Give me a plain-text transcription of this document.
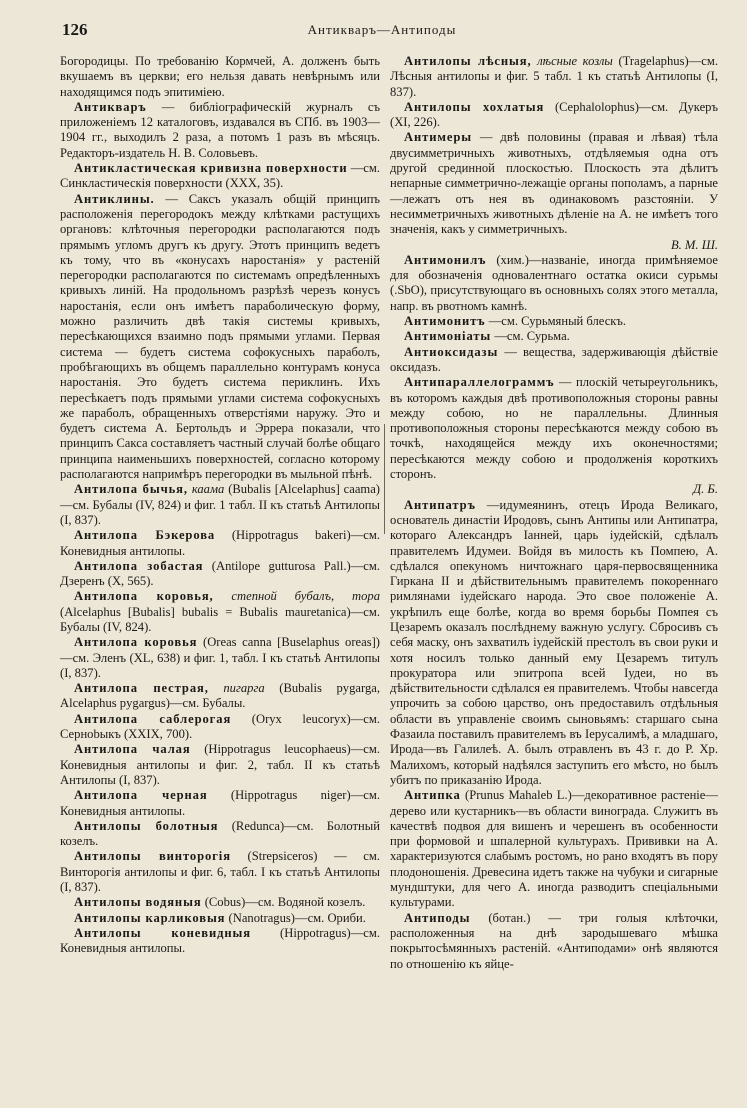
126	Антикваръ—Антиподы

Богородицы. По требованію Кормчей, А. долженъ быть вкушаемъ въ церкви; его нельзя давать невѣрнымъ или находящимся подъ эпитиміею.

Антикваръ — библіографическій журналъ съ приложеніемъ 12 каталоговъ, издавался въ СПб. въ 1903—1904 гг., выходилъ 2 раза, а потомъ 1 разъ въ мѣсяцъ. Редакторъ-издатель Н. В. Соловьевъ.

Антикластическая кривизна поверхности —см. Синкластическія поверхности (XXX, 35).

Антиклины. — Саксъ указалъ общій принципъ расположенія перегородокъ между клѣтками растущихъ органовъ: клѣточныя перегородки располагаются подъ прямымъ угломъ другъ къ другу. Этотъ принципъ ведетъ къ тому, что въ «конусахъ наростанія» у растеній перегородки располагаются по системамъ опредѣленныхъ кривыхъ линій. На продольномъ разрѣзѣ черезъ конусъ наростанія, если онъ имѣетъ параболическую форму, можно различить двѣ такія системы кривыхъ, пересѣкающихся взаимно подъ прямыми углами. Первая система — будетъ система софокусныхъ параболъ, пробѣгающихъ въ общемъ параллельно контурамъ конуса наростанія. Это будетъ система периклинъ. Ихъ пересѣкаетъ подъ прямыми углами система софокусныхъ же параболъ, обращенныхъ отверстіями наружу. Это и будетъ система А. Бертольдъ и Эррера показали, что принципъ Сакса составляетъ частный случай болѣе общаго принципа наименьшихъ поверхностей, согласно которому располагаются напримѣръ перегородки въ мыльной пѣнѣ.

Антилопа бычья, каама (Bubalis [Alcelaphus] caama)—см. Бубалы (IV, 824) и фиг. 1 табл. II къ статьѣ Антилопы (I, 837).

Антилопа Бэкерова (Hippotragus bakeri)—см. Коневидныя антилопы.

Антилопа зобастая (Antilope gutturosa Pall.)—см. Дзеренъ (X, 565).

Антилопа коровья, степной бубалъ, тора (Alcelaphus [Bubalis] bubalis = Bubalis mauretanica)—см. Бубалы (IV, 824).

Антилопа коровья (Oreas canna [Buselaphus oreas])—см. Эленъ (XL, 638) и фиг. 1, табл. I къ статьѣ Антилопы (I, 837).

Антилопа пестрая, пигарга (Bubalis pygarga, Alcelaphus pygargus)—см. Бубалы.

Антилопа саблерогая (Oryx leucoryx)—см. Серноbыкъ (XXIX, 700).

Антилопа чалая (Hippotragus leucophaeus)—см. Коневидныя антилопы и фиг. 2, табл. II къ статьѣ Антилопы (I, 837).

Антилопа черная (Hippotragus niger)—см. Коневидныя антилопы.

Антилопы болотныя (Redunca)—см. Болотный козелъ.

Антилопы винторогія (Strepsiceros) — см. Винторогія антилопы и фиг. 6, табл. I къ статьѣ Антилопы (I, 837).

Антилопы водяныя (Cobus)—см. Водяной козелъ.

Антилопы карликовыя (Nanotragus)—см. Ориби.

Антилопы коневидныя (Hippotragus)—см. Коневидныя антилопы.

Антилопы лѣсныя, лѣсные козлы (Tragelaphus)—см. Лѣсныя антилопы и фиг. 5 табл. 1 къ статьѣ Антилопы (I, 837).

Антилопы хохлатыя (Cephalolophus)—см. Дукеръ (XI, 226).

Антимеры — двѣ половины (правая и лѣвая) тѣла двусимметричныхъ животныхъ, отдѣляемыя одна отъ другой срединной плоскостью. Плоскость эта дѣлитъ непарные симметрично-лежащіе органы пополамъ, а парные—лежатъ отъ нея въ одинаковомъ разстояніи. У несимметричныхъ животныхъ дѣленіе на А. не имѣетъ того значенія, какъ у симметричныхъ.

В. М. Ш.

Антимонилъ (хим.)—названіе, иногда примѣняемое для обозначенія одновалентнаго остатка окиси сурьмы (.SbO), присутствующаго въ основныхъ солях этого металла, напр. въ рвотномъ камнѣ.

Антимонитъ —см. Сурьмяный блескъ.

Антимоніаты —см. Сурьма.

Антиоксидазы — вещества, задерживающія дѣйствіе оксидазъ.

Антипараллелограммъ — плоскій четыреугольникъ, въ которомъ каждыя двѣ противоположныя стороны равны между собою, но не параллельны. Длинныя противоположныя стороны пересѣкаются между собою въ точкѣ, находящейся между ихъ оконечностями; пересѣкаются между собою и продолженія короткихъ сторонъ.

Д. Б.

Антипатръ —идумеянинъ, отецъ Ирода Великаго, основатель династіи Иродовъ, сынъ Антипы или Антипатра, котораго Александръ Іанней, царь іудейскій, сдѣлалъ правителемъ Идумеи. Войдя въ милость къ Помпею, А. сдѣлался опекуномъ ничтожнаго царя-первосвященника Гиркана II и дѣйствительнымъ правителемъ покореннаго римлянами іудейскаго народа. Это свое положеніе А. укрѣпилъ еще болѣе, когда во время борьбы Помпея съ Цезаремъ оказалъ послѣднему важную услугу. Сбросивъ съ себя маску, онъ захватилъ іудейскій престолъ въ свои руки и хотя носилъ только данный ему Цезаремъ титулъ прокуратора или эпитропа всей Іудеи, но въ дѣйствительности сдѣлался ея правителемъ. Чтобы навсегда упрочить за собою царство, онъ предоставилъ отдѣльныя области въ управленіе своимъ сыновьямъ: старшаго сына Фазаила поставилъ правителемъ въ Іерусалимѣ, а младшаго, Ирода—въ Галилеѣ. А. былъ отравленъ въ 43 г. до Р. Хр. Малихомъ, который надѣялся заступить его мѣсто, но былъ убитъ по приказанію Ирода.

Антипка (Prunus Mahaleb L.)—декоративное растеніе—дерево или кустарникъ—въ области винограда. Служитъ въ качествѣ подвоя для вишенъ и черешенъ въ особенности при формовой и шпалерной культурахъ. Прививки на А. характеризуются слабымъ ростомъ, но рано входятъ въ пору плодоношенія. Древесина идетъ также на чубуки и сигарные мундштуки, для чего А. иногда разводитъ спеціальными культурами.

Антиподы (ботан.) — три голыя клѣточки, расположенныя на днѣ зародышеваго мѣшка покрытосѣмянныхъ растеній. «Антиподами» онѣ являются по отношенію къ яйце-
